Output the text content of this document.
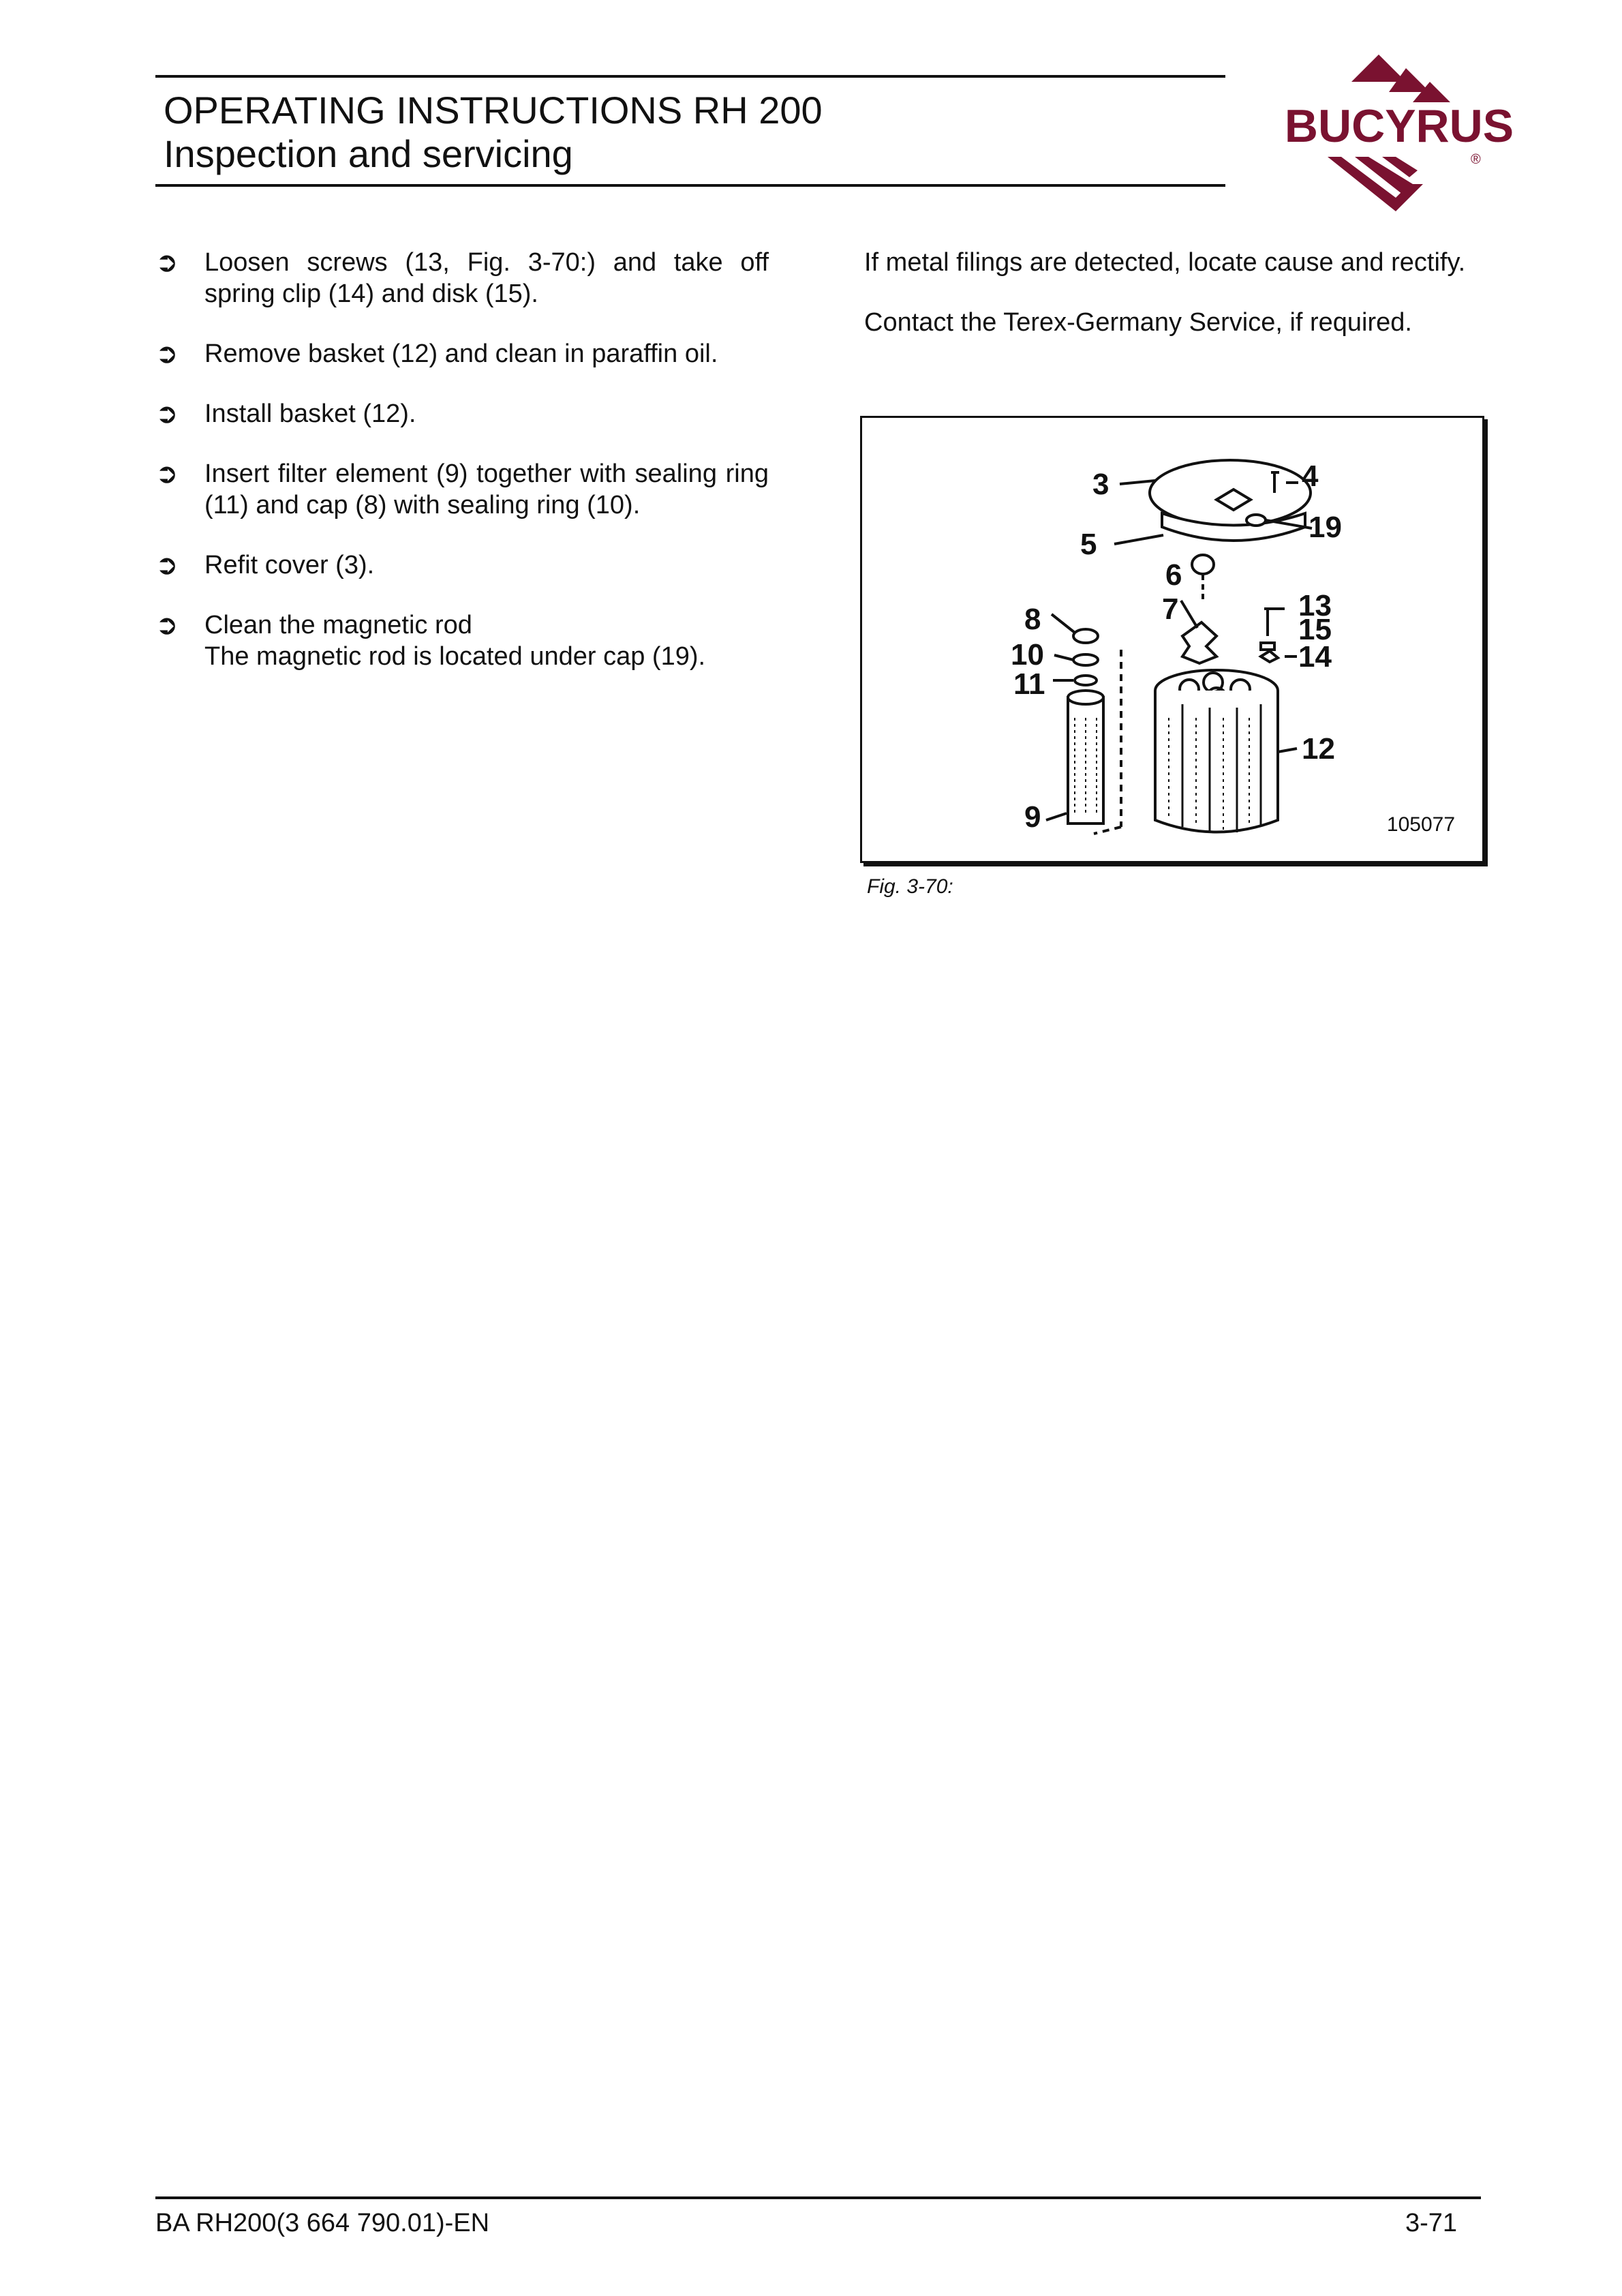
OPERATING INSTRUCTIONS RH 200
Inspection and servicing
BUCYRUS
®
➲ Loosen screws (13, Fig. 3-70:) and take off spring clip (14) and disk (15).
➲ Remove basket (12) and clean in paraffin oil.
➲ Install basket (12).
➲ Insert filter element (9) together with sealing ring (11) and cap (8) with sealing ring (10).
➲ Refit cover (3).
➲ Clean the magnetic rod
The magnetic rod is located under cap (19).

If metal filings are detected, locate cause and rectify.

Contact the Terex-Germany Service, if required.

3	4
19
5
6
7
8	13
15
10	14
11
12
9	105077
Fig. 3-70:
BA RH200(3 664 790.01)-EN	3-71
